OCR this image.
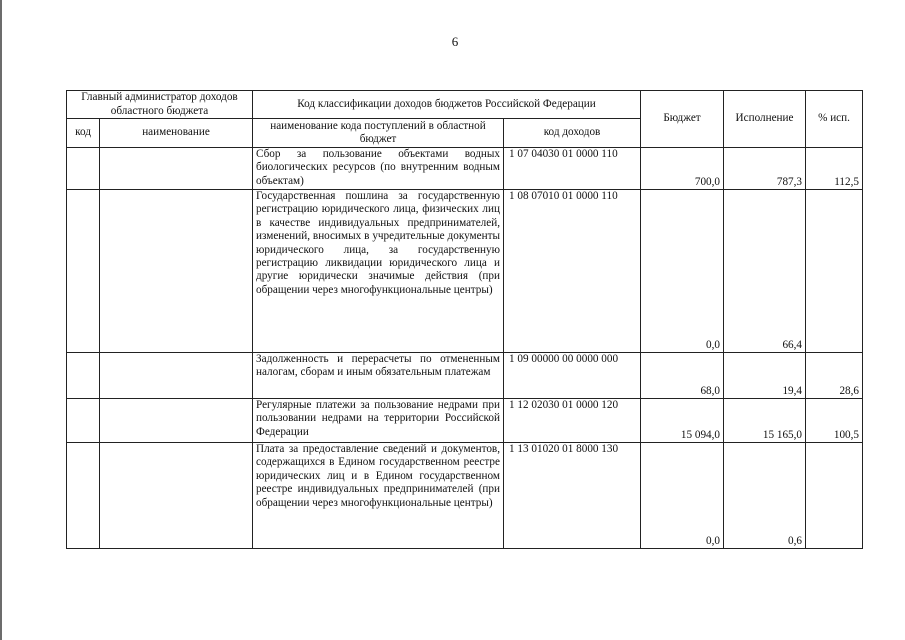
6
Главный администратор доходов областного бюджета		Код классификации доходов бюджетов Российской Федерации		Бюджет	Исполнение	% исп.
код	наименование	наименование кода поступлений в областной бюджет	код доходов			
		Сбор за пользование объектами водных биологических ресурсов (по внутренним водным объектам)	1 07 04030 01 0000 110	700,0	787,3	112,5
		Государственная пошлина за государственную регистрацию юридического лица, физических лиц в качестве индивидуальных предпринимателей, изменений, вносимых в учредительные документы юридического лица, за государственную регистрацию ликвидации юридического лица и другие юридически значимые действия (при обращении через многофункциональные центры)	1 08 07010 01 0000 110	0,0	66,4	
		Задолженность и перерасчеты по отмененным налогам, сборам и иным обязательным платежам	1 09 00000 00 0000 000	68,0	19,4	28,6
		Регулярные платежи за пользование недрами при пользовании недрами на территории Российской Федерации	1 12 02030 01 0000 120	15 094,0	15 165,0	100,5
		Плата за предоставление сведений и документов, содержащихся в Едином государственном реестре юридических лиц и в Едином государственном реестре индивидуальных предпринимателей (при обращении через многофункциональные центры)	1 13 01020 01 8000 130	0,0	0,6	
